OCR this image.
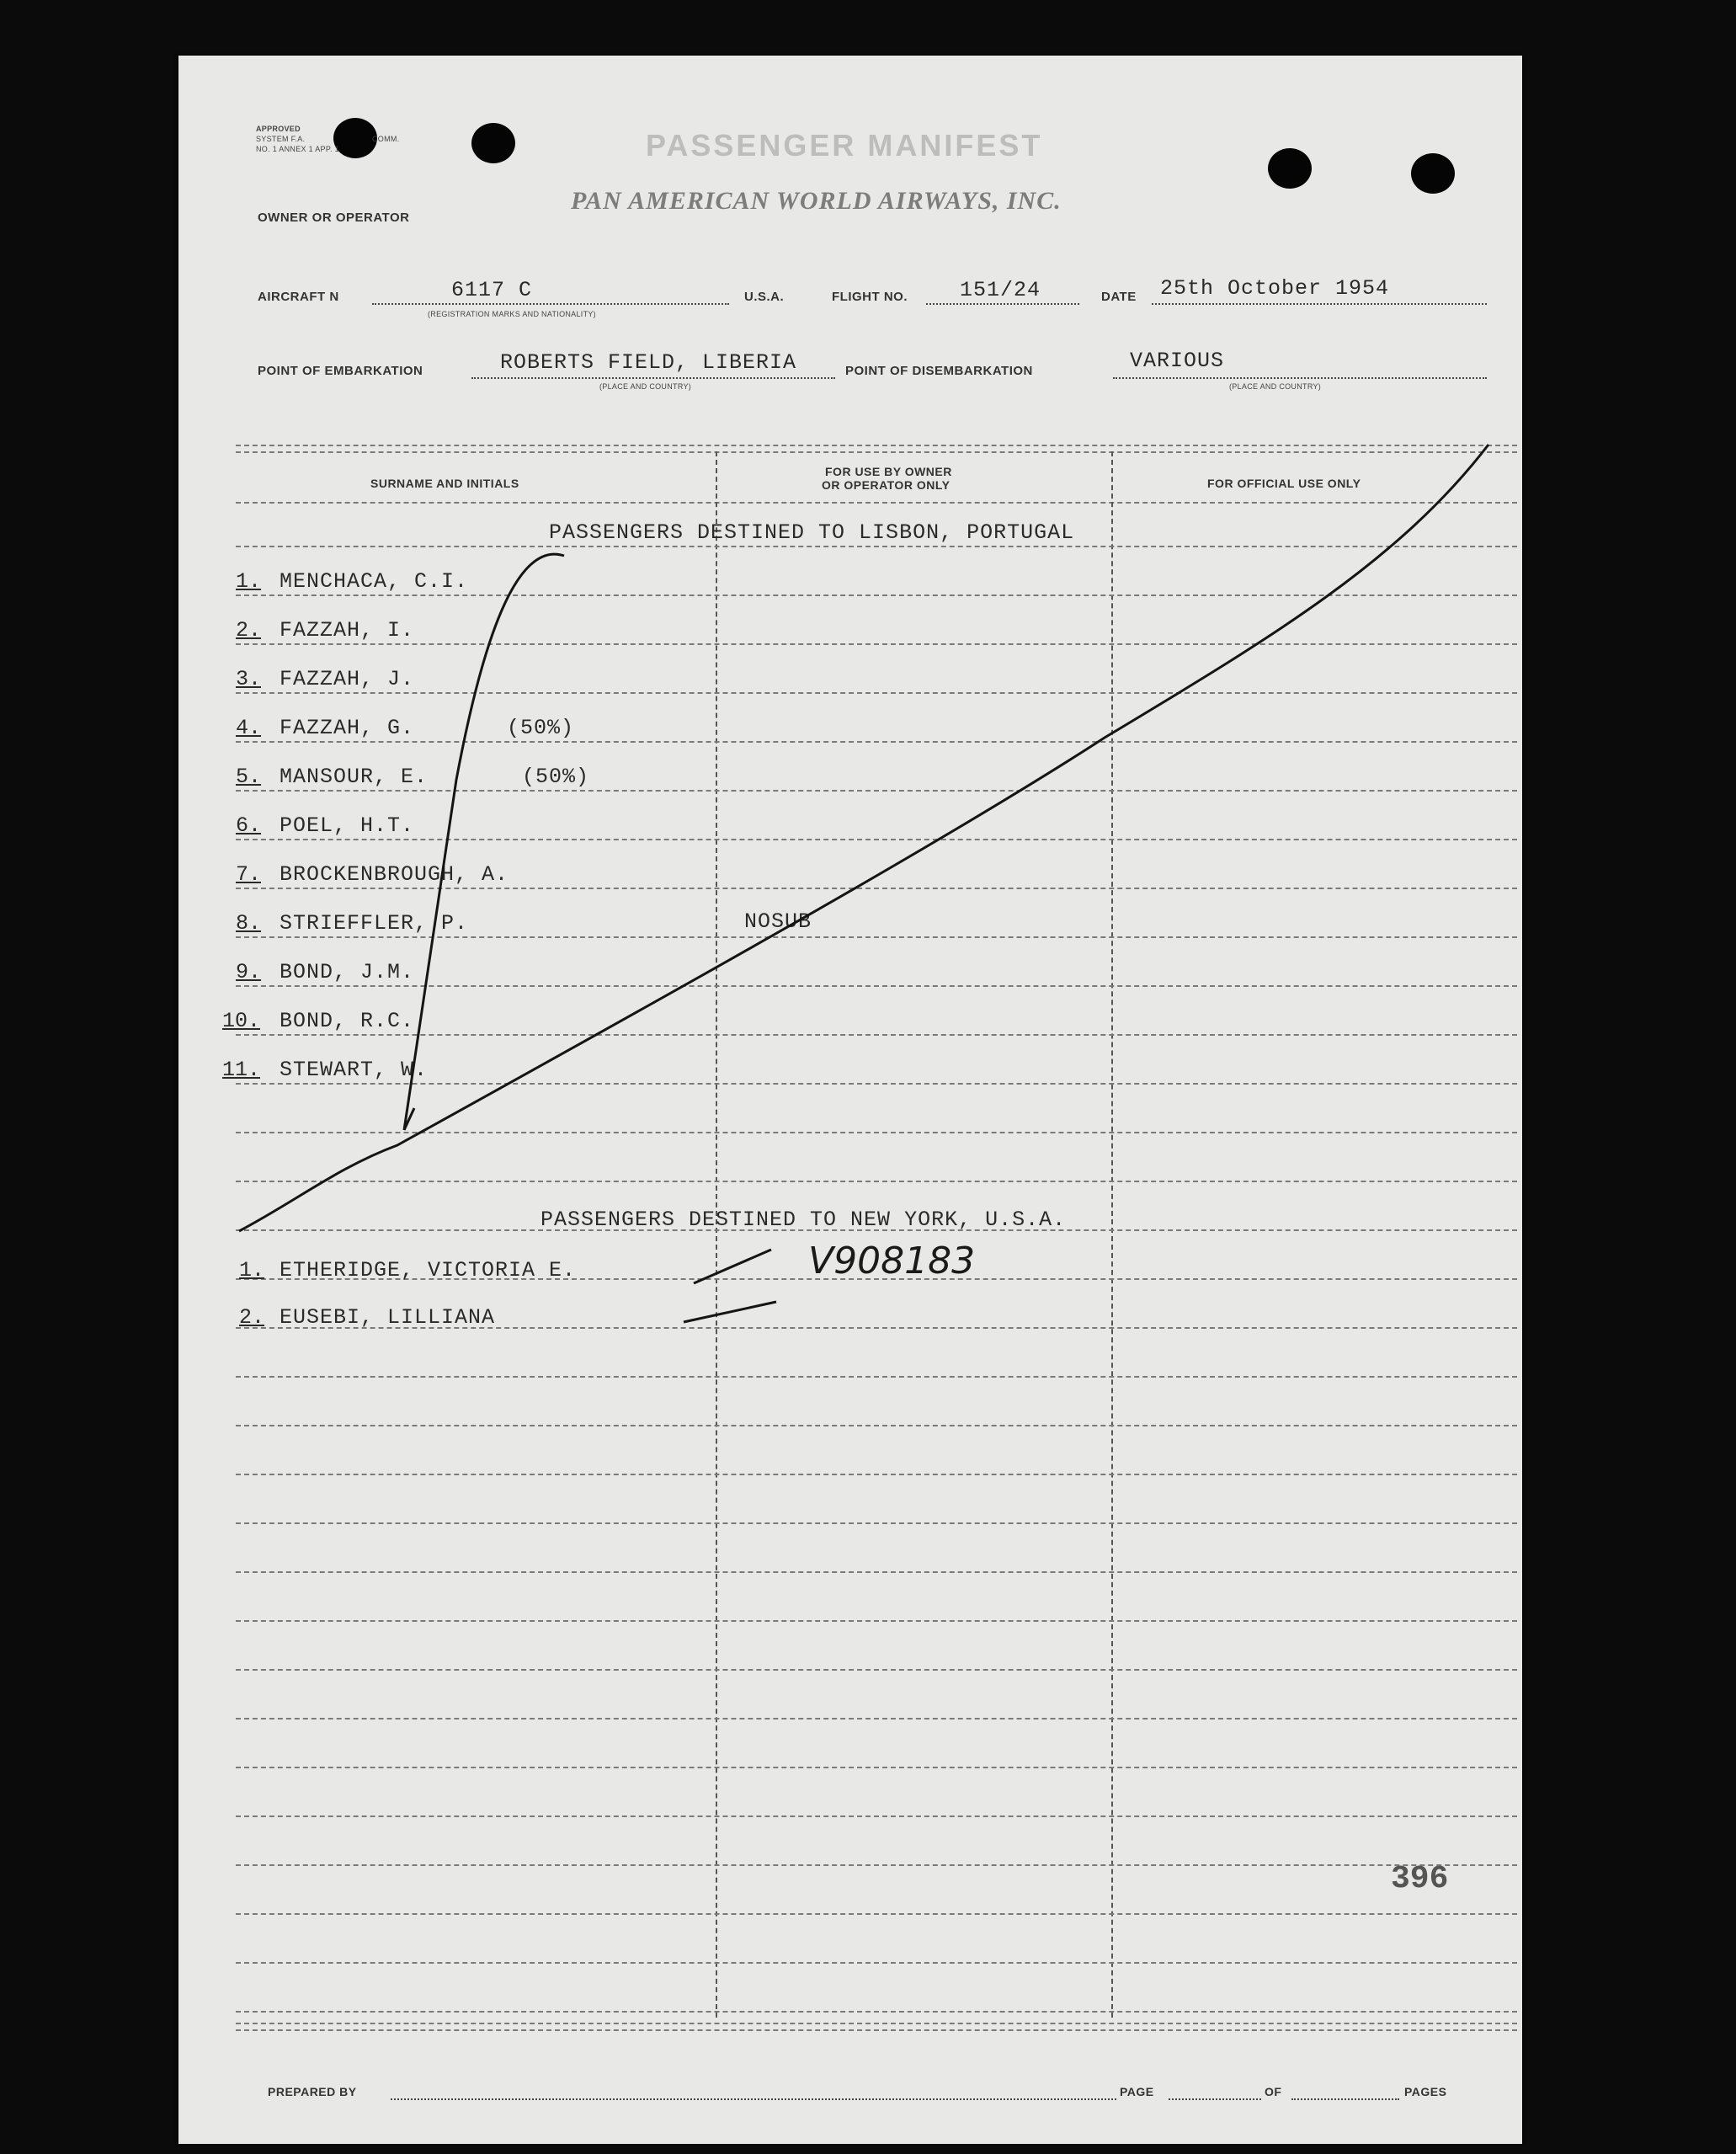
APPROVED
SYSTEM F.A.	COMM.
NO. 1 ANNEX 1 APP. 1	PASSENGER MANIFEST
OWNER OR OPERATOR
PAN AMERICAN WORLD AIRWAYS, INC.
AIRCRAFT N	6117 C
(REGISTRATION MARKS AND NATIONALITY)
U.S.A.	FLIGHT NO. 151/24	DATE 25th October 1954
POINT OF EMBARKATION	ROBERTS FIELD, LIBERIA
(PLACE AND COUNTRY)
POINT OF DISEMBARKATION	VARIOUS
(PLACE AND COUNTRY)
SURNAME AND INITIALS
FOR USE BY OWNER
OR OPERATOR ONLY	FOR OFFICIAL USE ONLY
PASSENGERS DESTINED TO LISBON, PORTUGAL
1. MENCHACA, C.I.
2. FAZZAH, I.
3. FAZZAH, J.
4. FAZZAH, G.	(50%)
5. MANSOUR, E.	(50%)
6. POEL, H.T.
7. BROCKENBROUGH, A.
8. STRIEFFLER, P.	NOSUB
9. BOND, J.M.
10. BOND, R.C.
11. STEWART, W.
PASSENGERS DESTINED TO NEW YORK, U.S.A.
1. ETHERIDGE, VICTORIA E.	V908183
2. EUSEBI, LILLIANA
396
PREPARED BY	PAGE	OF	PAGES
